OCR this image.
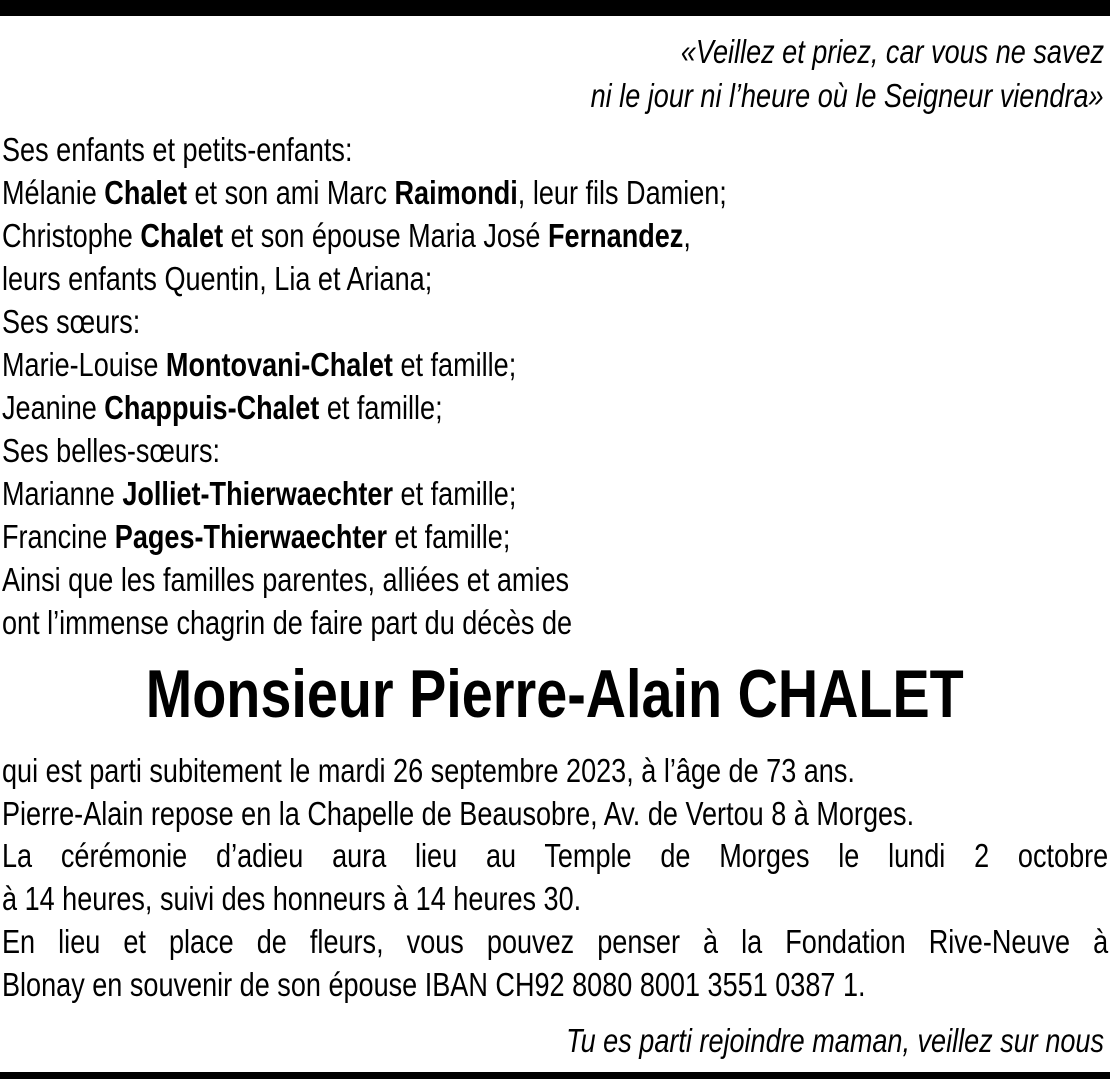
«Veillez et priez, car vous ne savez
ni le jour ni l’heure où le Seigneur viendra»
Ses enfants et petits-enfants:
Mélanie Chalet et son ami Marc Raimondi, leur fils Damien;
Christophe Chalet et son épouse Maria José Fernandez,
leurs enfants Quentin, Lia et Ariana;
Ses sœurs:
Marie-Louise Montovani-Chalet et famille;
Jeanine Chappuis-Chalet et famille;
Ses belles-sœurs:
Marianne Jolliet-Thierwaechter et famille;
Francine Pages-Thierwaechter et famille;
Ainsi que les familles parentes, alliées et amies
ont l’immense chagrin de faire part du décès de
Monsieur Pierre-Alain CHALET
qui est parti subitement le mardi 26 septembre 2023, à l’âge de 73 ans.
Pierre-Alain repose en la Chapelle de Beausobre, Av. de Vertou 8 à Morges.
La cérémonie d’adieu aura lieu au Temple de Morges le lundi 2 octobre
à 14 heures, suivi des honneurs à 14 heures 30.
En lieu et place de fleurs, vous pouvez penser à la Fondation Rive-Neuve à
Blonay en souvenir de son épouse IBAN CH92 8080 8001 3551 0387 1.
Tu es parti rejoindre maman, veillez sur nous
